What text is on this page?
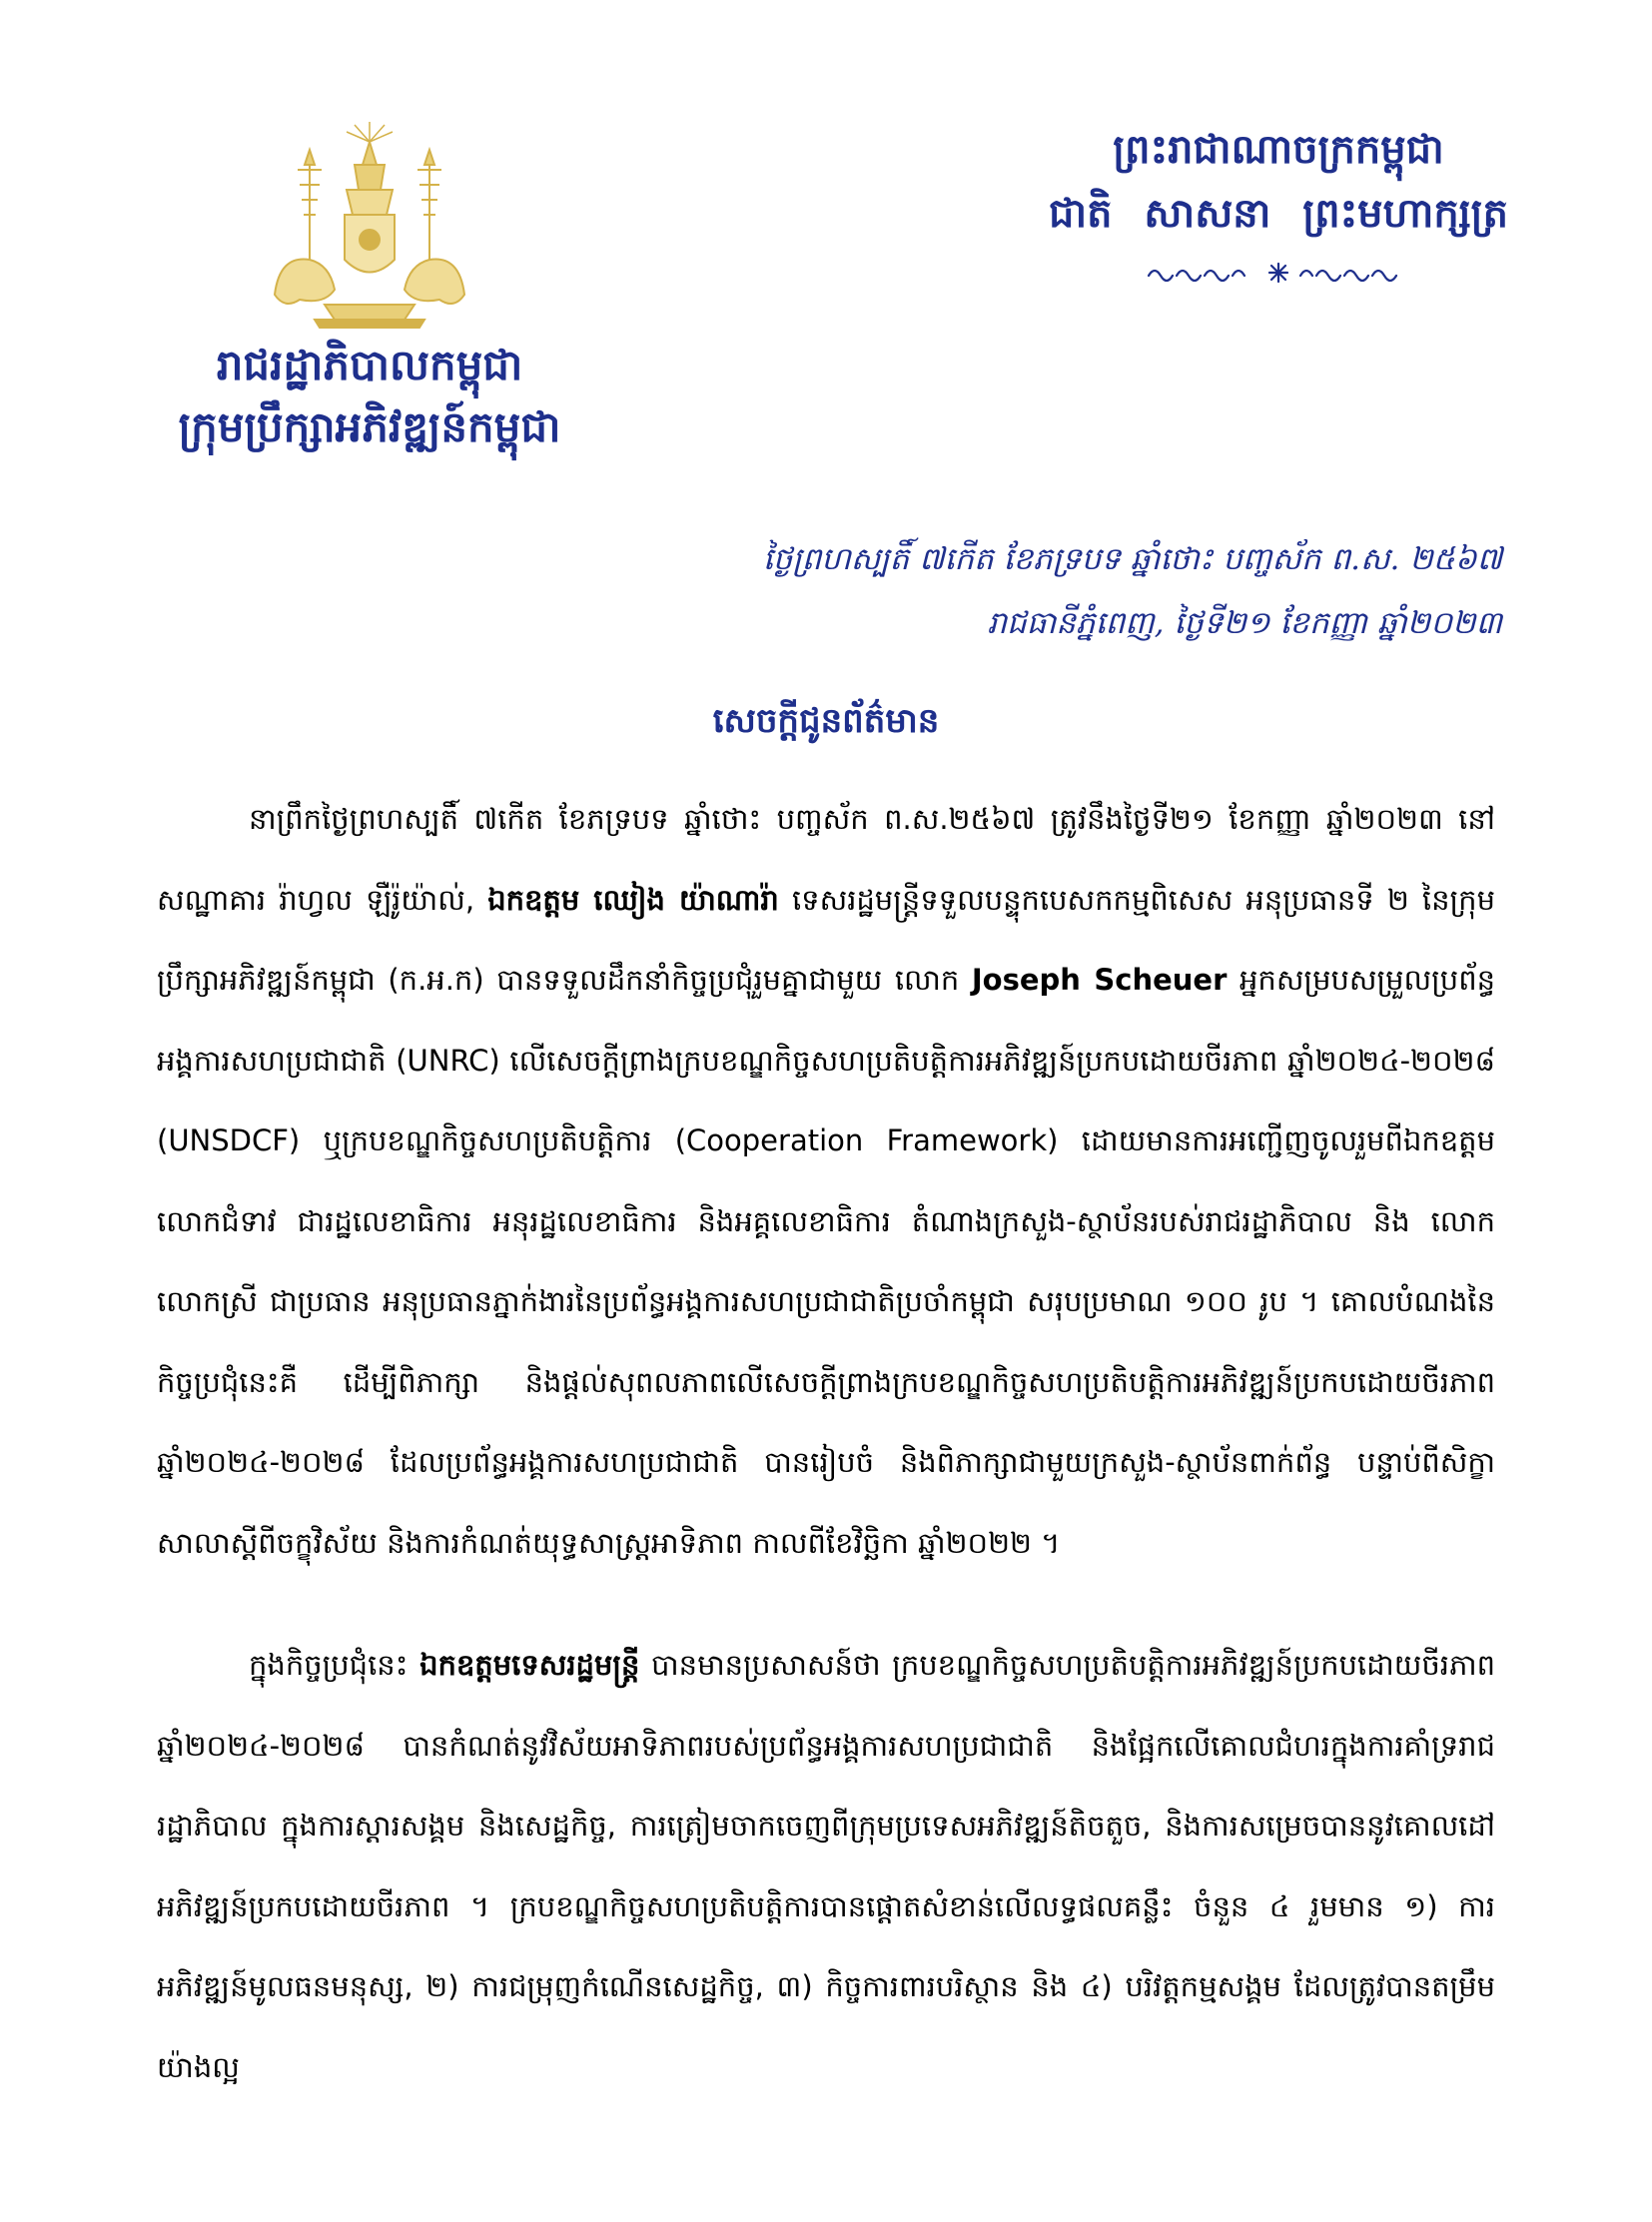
រាជរដ្ឋាភិបាលកម្ពុជា
ក្រុមប្រឹក្សាអភិវឌ្ឍន៍កម្ពុជា
ព្រះរាជាណាចក្រកម្ពុជា
ជាតិ សាសនា ព្រះមហាក្សត្រ
ថ្ងៃព្រហស្បតិ៍ ៧កើត ខែភទ្របទ ឆ្នាំថោះ បញ្ចស័ក ព.ស. ២៥៦៧
រាជធានីភ្នំពេញ, ថ្ងៃទី២១ ខែកញ្ញា ឆ្នាំ២០២៣
សេចក្តីជូនព័ត៌មាន

នាព្រឹកថ្ងៃព្រហស្បតិ៍ ៧កើត ខែភទ្របទ ឆ្នាំថោះ បញ្ចស័ក ព.ស.២៥៦៧ ត្រូវនឹងថ្ងៃទី២១ ខែកញ្ញា ឆ្នាំ២០២៣ នៅសណ្ឋាគារ រ៉ាហ្វល ឡឺរ៉ូយ៉ាល់, ឯកឧត្តម ឈៀង យ៉ាណារ៉ា ទេសរដ្ឋមន្ត្រីទទួលបន្ទុកបេសកកម្មពិសេស អនុប្រធានទី ២ នៃក្រុមប្រឹក្សាអភិវឌ្ឍន៍កម្ពុជា (ក.អ.ក) បានទទួលដឹកនាំកិច្ចប្រជុំរួមគ្នាជាមួយ លោក Joseph Scheuer អ្នកសម្របសម្រួលប្រព័ន្ធអង្គការសហប្រជាជាតិ (UNRC) លើសេចក្តីព្រាងក្របខណ្ឌកិច្ចសហប្រតិបត្តិការអភិវឌ្ឍន៍ប្រកបដោយចីរភាព ឆ្នាំ២០២៤-២០២៨ (UNSDCF) ឬក្របខណ្ឌកិច្ចសហប្រតិបត្តិការ (Cooperation Framework) ដោយមានការអញ្ជើញចូលរួមពីឯកឧត្តម លោកជំទាវ ជារដ្ឋលេខាធិការ អនុរដ្ឋលេខាធិការ និងអគ្គលេខាធិការ តំណាងក្រសួង-ស្ថាប័នរបស់រាជរដ្ឋាភិបាល និង លោក លោកស្រី ជាប្រធាន អនុប្រធានភ្នាក់ងារនៃប្រព័ន្ធអង្គការសហប្រជាជាតិប្រចាំកម្ពុជា សរុបប្រមាណ ១០០ រូប ។ គោលបំណងនៃកិច្ចប្រជុំនេះគឺ ដើម្បីពិភាក្សា និងផ្តល់សុពលភាពលើសេចក្តីព្រាងក្របខណ្ឌកិច្ចសហប្រតិបត្តិការអភិវឌ្ឍន៍ប្រកបដោយចីរភាព ឆ្នាំ២០២៤-២០២៨ ដែលប្រព័ន្ធអង្គការសហប្រជាជាតិ បានរៀបចំ និងពិភាក្សាជាមួយក្រសួង-ស្ថាប័នពាក់ព័ន្ធ បន្ទាប់ពីសិក្ខាសាលាស្តីពីចក្ខុវិស័យ និងការកំណត់យុទ្ធសាស្ត្រអាទិភាព កាលពីខែវិច្ឆិកា ឆ្នាំ២០២២ ។

ក្នុងកិច្ចប្រជុំនេះ ឯកឧត្តមទេសរដ្ឋមន្ត្រី បានមានប្រសាសន៍ថា ក្របខណ្ឌកិច្ចសហប្រតិបត្តិការអភិវឌ្ឍន៍ប្រកបដោយចីរភាព ឆ្នាំ២០២៤-២០២៨ បានកំណត់នូវវិស័យអាទិភាពរបស់ប្រព័ន្ធអង្គការសហប្រជាជាតិ និងផ្អែកលើគោលជំហរក្នុងការគាំទ្ររាជរដ្ឋាភិបាល ក្នុងការស្តារសង្គម និងសេដ្ឋកិច្ច, ការត្រៀមចាកចេញពីក្រុមប្រទេសអភិវឌ្ឍន៍តិចតួច, និងការសម្រេចបាននូវគោលដៅអភិវឌ្ឍន៍ប្រកបដោយចីរភាព ។ ក្របខណ្ឌកិច្ចសហប្រតិបត្តិការបានផ្តោតសំខាន់លើលទ្ធផលគន្លឹះ ចំនួន ៤ រួមមាន ១) ការអភិវឌ្ឍន៍មូលធនមនុស្ស, ២) ការជម្រុញកំណើនសេដ្ឋកិច្ច, ៣) កិច្ចការពារបរិស្ថាន និង ៤) បរិវត្តកម្មសង្គម ដែលត្រូវបានតម្រឹមយ៉ាងល្អ
